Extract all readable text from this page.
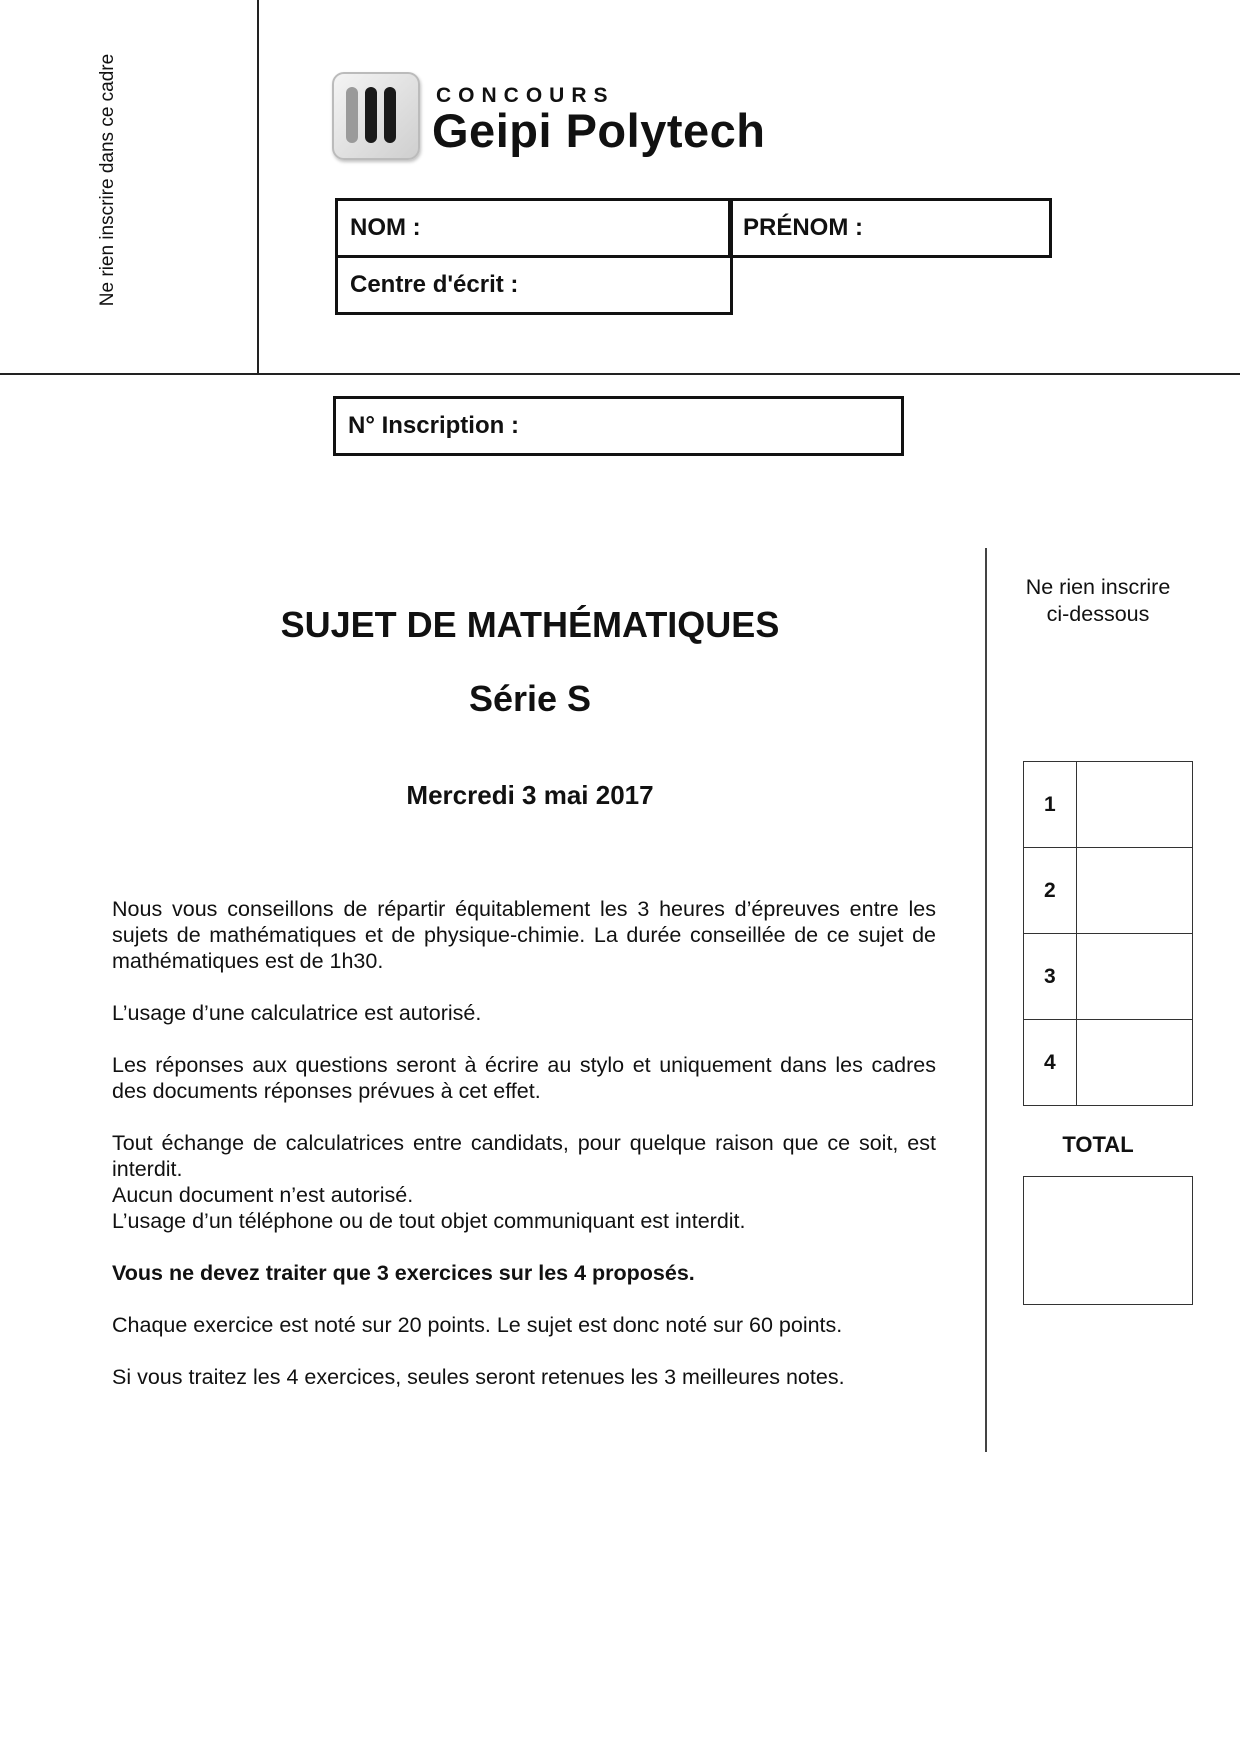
Ne rien inscrire dans ce cadre	CONCOURS
Geipi Polytech
NOM :	PRÉNOM :
Centre d'écrit :
N° Inscription :
SUJET DE MATHÉMATIQUES
Série S
Mercredi 3 mai 2017

Nous vous conseillons de répartir équitablement les 3 heures d’épreuves entre les sujets de mathématiques et de physique-chimie. La durée conseillée de ce sujet de mathématiques est de 1h30.

L’usage d’une calculatrice est autorisé.

Les réponses aux questions seront à écrire au stylo et uniquement dans les cadres des documents réponses prévues à cet effet.

Tout échange de calculatrices entre candidats, pour quelque raison que ce soit, est interdit.

Aucun document n’est autorisé.

L’usage d’un téléphone ou de tout objet communiquant est interdit.

Vous ne devez traiter que 3 exercices sur les 4 proposés.

Chaque exercice est noté sur 20 points. Le sujet est donc noté sur 60 points.

Si vous traitez les 4 exercices, seules seront retenues les 3 meilleures notes.

Ne rien inscrire
ci-dessous
1	
2	
3	
4	
TOTAL
